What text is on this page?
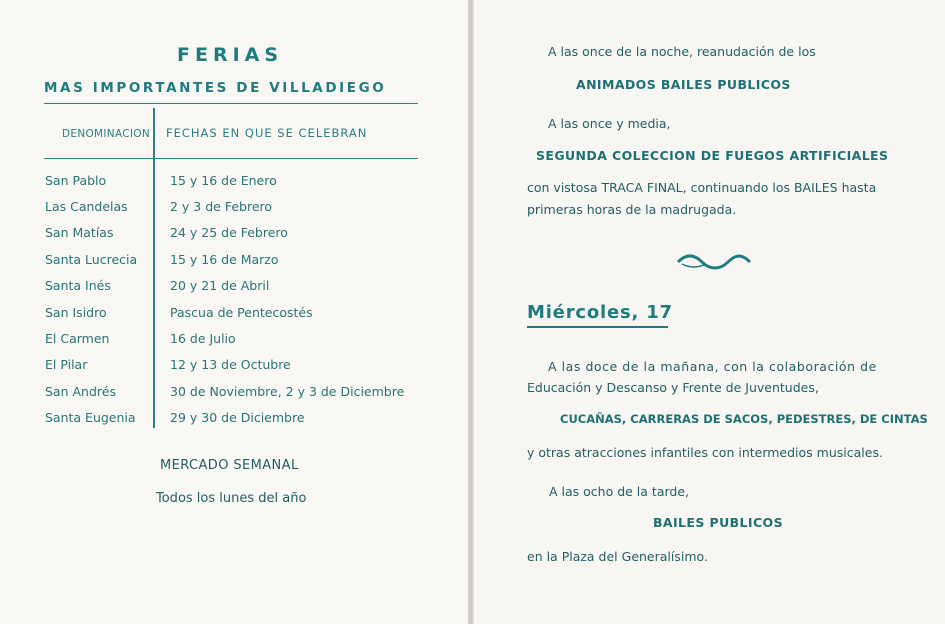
FERIAS
MAS IMPORTANTES DE VILLADIEGO
DENOMINACION FECHAS EN QUE SE CELEBRAN
San Pablo	15 y 16 de Enero
Las Candelas	2 y 3 de Febrero
San Matías	24 y 25 de Febrero
Santa Lucrecia	15 y 16 de Marzo
Santa Inés	20 y 21 de Abril
San Isidro	Pascua de Pentecostés
El Carmen	16 de Julio
El Pilar	12 y 13 de Octubre
San Andrés	30 de Noviembre, 2 y 3 de Diciembre
Santa Eugenia	29 y 30 de Diciembre
MERCADO SEMANAL
Todos los lunes del año
A las once de la noche, reanudación de los
ANIMADOS BAILES PUBLICOS
A las once y media,
SEGUNDA COLECCION DE FUEGOS ARTIFICIALES
con vistosa TRACA FINAL, continuando los BAILES hasta
primeras horas de la madrugada.
Miércoles, 17
A las doce de la mañana, con la colaboración de
Educación y Descanso y Frente de Juventudes,
CUCAÑAS, CARRERAS DE SACOS, PEDESTRES, DE CINTAS
y otras atracciones infantiles con intermedios musicales.
A las ocho de la tarde,
BAILES PUBLICOS
en la Plaza del Generalísimo.
